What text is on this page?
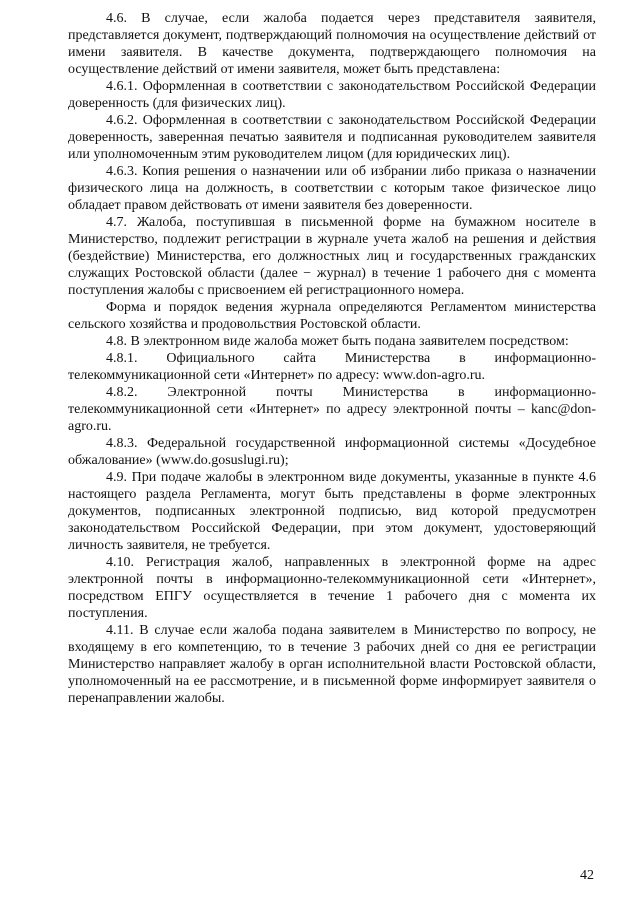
4.6. В случае, если жалоба подается через представителя заявителя, представляется документ, подтверждающий полномочия на осуществление действий от имени заявителя. В качестве документа, подтверждающего полномочия на осуществление действий от имени заявителя, может быть представлена:

4.6.1. Оформленная в соответствии с законодательством Российской Федерации доверенность (для физических лиц).

4.6.2. Оформленная в соответствии с законодательством Российской Федерации доверенность, заверенная печатью заявителя и подписанная руководителем заявителя или уполномоченным этим руководителем лицом (для юридических лиц).

4.6.3. Копия решения о назначении или об избрании либо приказа о назначении физического лица на должность, в соответствии с которым такое физическое лицо обладает правом действовать от имени заявителя без доверенности.

4.7. Жалоба, поступившая в письменной форме на бумажном носителе в Министерство, подлежит регистрации в журнале учета жалоб на решения и действия (бездействие) Министерства, его должностных лиц и государственных гражданских служащих Ростовской области (далее − журнал) в течение 1 рабочего дня с момента поступления жалобы с присвоением ей регистрационного номера.

Форма и порядок ведения журнала определяются Регламентом министерства сельского хозяйства и продовольствия Ростовской области.

4.8. В электронном виде жалоба может быть подана заявителем посредством:

4.8.1. Официального сайта Министерства в информационно-телекоммуникационной сети «Интернет» по адресу: www.don-agro.ru.

4.8.2. Электронной почты Министерства в информационно-телекоммуникационной сети «Интернет» по адресу электронной почты – kanc@don-agro.ru.

4.8.3. Федеральной государственной информационной системы «Досудебное обжалование» (www.do.gosuslugi.ru);

4.9. При подаче жалобы в электронном виде документы, указанные в пункте 4.6 настоящего раздела Регламента, могут быть представлены в форме электронных документов, подписанных электронной подписью, вид которой предусмотрен законодательством Российской Федерации, при этом документ, удостоверяющий личность заявителя, не требуется.

4.10. Регистрация жалоб, направленных в электронной форме на адрес электронной почты в информационно-телекоммуникационной сети «Интернет», посредством ЕПГУ осуществляется в течение 1 рабочего дня с момента их поступления.

4.11. В случае если жалоба подана заявителем в Министерство по вопросу, не входящему в его компетенцию, то в течение 3 рабочих дней со дня ее регистрации Министерство направляет жалобу в орган исполнительной власти Ростовской области, уполномоченный на ее рассмотрение, и в письменной форме информирует заявителя о перенаправлении жалобы.

42
